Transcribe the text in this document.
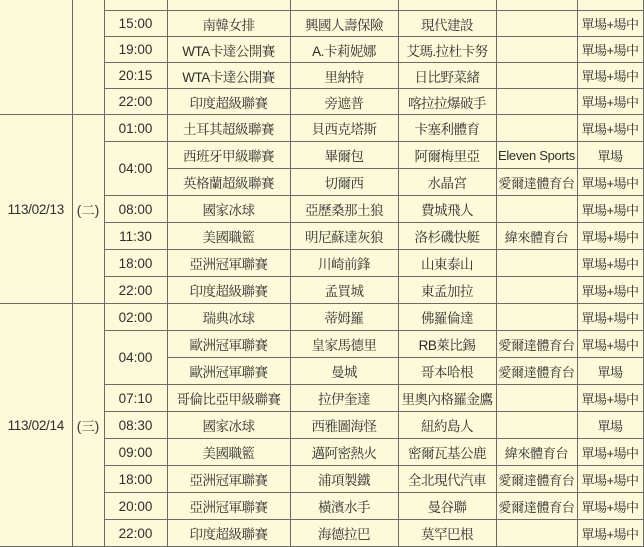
		15:00	南韓女排	興國人壽保險	現代建設		單場+場中
		19:00	WTA卡達公開賽	A.卡莉妮娜	艾瑪.拉杜卡努		單場+場中
		20:15	WTA卡達公開賽	里納特	日比野菜緒		單場+場中
		22:00	印度超級聯賽	旁遮普	喀拉拉爆破手		單場+場中
113/02/13	(二)	01:00	土耳其超級聯賽	貝西克塔斯	卡塞利體育		單場+場中
		04:00	西班牙甲級聯賽	畢爾包	阿爾梅里亞	Eleven Sports	單場
			英格蘭超級聯賽	切爾西	水晶宮	愛爾達體育台	單場+場中
		08:00	國家冰球	亞歷桑那土狼	費城飛人		單場+場中
		11:30	美國職籃	明尼蘇達灰狼	洛杉磯快艇	緯來體育台	單場+場中
		18:00	亞洲冠軍聯賽	川崎前鋒	山東泰山		單場+場中
		22:00	印度超級聯賽	孟買城	東孟加拉		單場+場中
113/02/14	(三)	02:00	瑞典冰球	蒂姆羅	佛羅倫達		單場+場中
		04:00	歐洲冠軍聯賽	皇家馬德里	RB萊比錫	愛爾達體育台	單場+場中
			歐洲冠軍聯賽	曼城	哥本哈根	愛爾達體育台	單場
		07:10	哥倫比亞甲級聯賽	拉伊奎達	里奧內格羅金鷹		單場+場中
		08:30	國家冰球	西雅圖海怪	紐約島人		單場
		09:00	美國職籃	邁阿密熱火	密爾瓦基公鹿	緯來體育台	單場+場中
		18:00	亞洲冠軍聯賽	浦項製鐵	全北現代汽車	愛爾達體育台	單場+場中
		20:00	亞洲冠軍聯賽	橫濱水手	曼谷聯	愛爾達體育台	單場+場中
		22:00	印度超級聯賽	海德拉巴	莫罕巴根		單場+場中
